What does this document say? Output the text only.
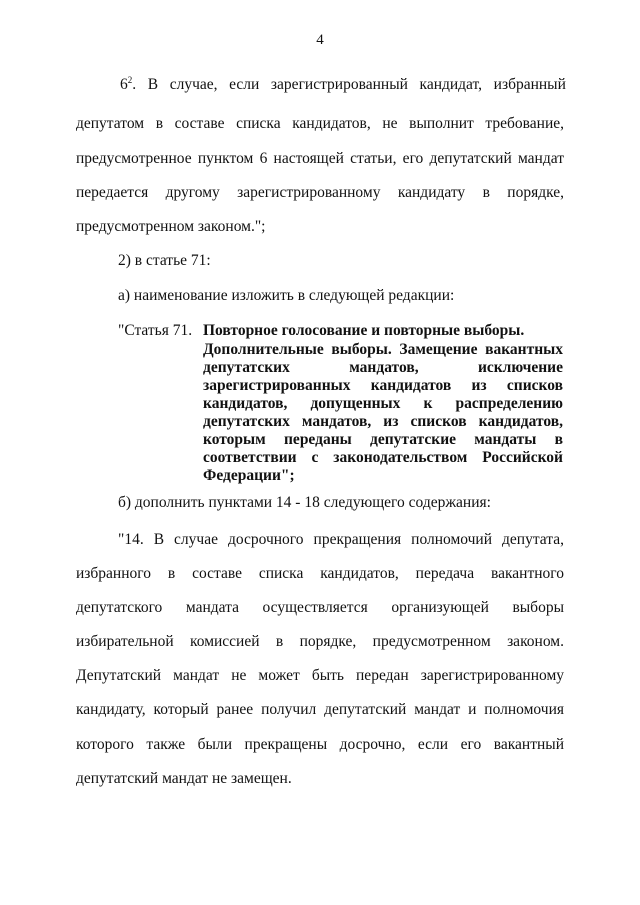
4
$6^2$.   В   случае,   если   зарегистрированный   кандидат,   избранный
депутатом в составе списка кандидатов, не выполнит требование,
предусмотренное пунктом 6 настоящей статьи, его депутатский мандат
передается другому зарегистрированному кандидату в порядке,
предусмотренном законом.";
2) в статье 71:
а) наименование изложить в следующей редакции:
"Статья 71. Повторное голосование и повторные выборы.
Дополнительные выборы. Замещение вакантных
депутатских мандатов, исключение
зарегистрированных кандидатов из списков
кандидатов, допущенных к распределению
депутатских мандатов, из списков кандидатов,
которым переданы депутатские мандаты в
соответствии с законодательством Российской
Федерации";
б) дополнить пунктами 14 - 18 следующего содержания:
"14. В случае досрочного прекращения полномочий депутата,
избранного в составе списка кандидатов, передача вакантного
депутатского мандата осуществляется организующей выборы
избирательной комиссией в порядке, предусмотренном законом.
Депутатский мандат не может быть передан зарегистрированному
кандидату, который ранее получил депутатский мандат и полномочия
которого также были прекращены досрочно, если его вакантный
депутатский мандат не замещен.
